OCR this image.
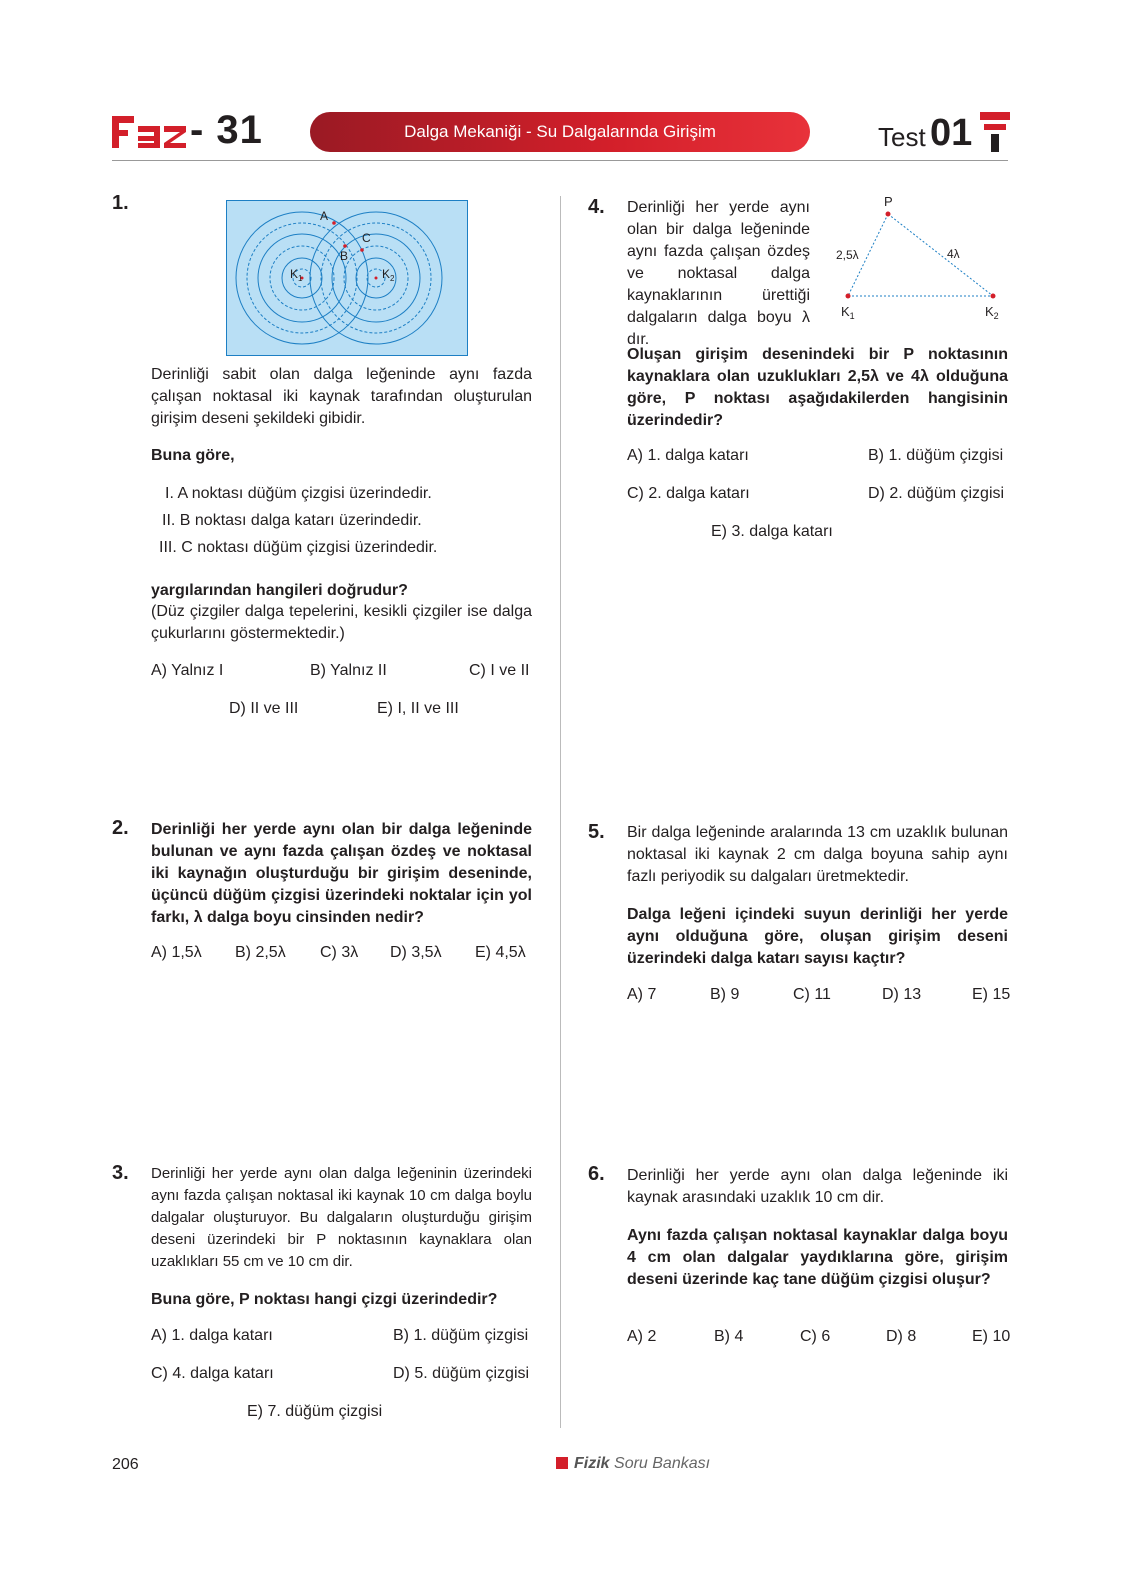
- 31	Dalga Mekaniği - Su Dalgalarında Girişim	Test 01
1.
A
B
C
$K_1$	$K_2$
Derinliği sabit olan dalga leğeninde aynı fazda çalışan noktasal iki kaynak tarafından oluşturulan girişim deseni şekildeki gibidir.
Buna göre,
I. A noktası düğüm çizgisi üzerindedir.
II. B noktası dalga katarı üzerindedir.
III. C noktası düğüm çizgisi üzerindedir.
yargılarından hangileri doğrudur?
(Düz çizgiler dalga tepelerini, kesikli çizgiler ise dalga çukurlarını göstermektedir.)
A) Yalnız I	B) Yalnız II	C) I ve II
D) II ve III	E) I, II ve III
2. Derinliği her yerde aynı olan bir dalga leğeninde bulunan ve aynı fazda çalışan özdeş ve noktasal iki kaynağın oluşturduğu bir girişim deseninde, üçüncü düğüm çizgisi üzerindeki noktalar için yol farkı, λ dalga boyu cinsinden nedir?
A) 1,5λ B) 2,5λ C) 3λ D) 3,5λ E) 4,5λ
3. Derinliği her yerde aynı olan dalga leğeninin üzerindeki aynı fazda çalışan noktasal iki kaynak 10 cm dalga boylu dalgalar oluşturuyor. Bu dalgaların oluşturduğu girişim deseni üzerindeki bir P noktasının kaynaklara olan uzaklıkları 55 cm ve 10 cm dir.
Buna göre, P noktası hangi çizgi üzerindedir?
A) 1. dalga katarı	B) 1. düğüm çizgisi
C) 4. dalga katarı	D) 5. düğüm çizgisi
E) 7. düğüm çizgisi
4. Derinliği her yerde aynı olan bir dalga leğeninde aynı fazda çalışan özdeş ve noktasal dalga kaynaklarının ürettiği dalgaların dalga boyu λ dır.
P
2,5λ	4λ
$K_1$	$K_2$
Oluşan girişim desenindeki bir P noktasının kaynaklara olan uzuklukları 2,5λ ve 4λ olduğuna göre, P noktası aşağıdakilerden hangisinin üzerindedir?
A) 1. dalga katarı	B) 1. düğüm çizgisi
C) 2. dalga katarı	D) 2. düğüm çizgisi
E) 3. dalga katarı
5. Bir dalga leğeninde aralarında 13 cm uzaklık bulunan noktasal iki kaynak 2 cm dalga boyuna sahip aynı fazlı periyodik su dalgaları üretmektedir.
Dalga leğeni içindeki suyun derinliği her yerde aynı olduğuna göre, oluşan girişim deseni üzerindeki dalga katarı sayısı kaçtır?
A) 7	B) 9	C) 11	D) 13	E) 15
6. Derinliği her yerde aynı olan dalga leğeninde iki kaynak arasındaki uzaklık 10 cm dir.
Aynı fazda çalışan noktasal kaynaklar dalga boyu 4 cm olan dalgalar yaydıklarına göre, girişim deseni üzerinde kaç tane düğüm çizgisi oluşur?
A) 2	B) 4	C) 6	D) 8	E) 10
206	Fizik Soru Bankası
